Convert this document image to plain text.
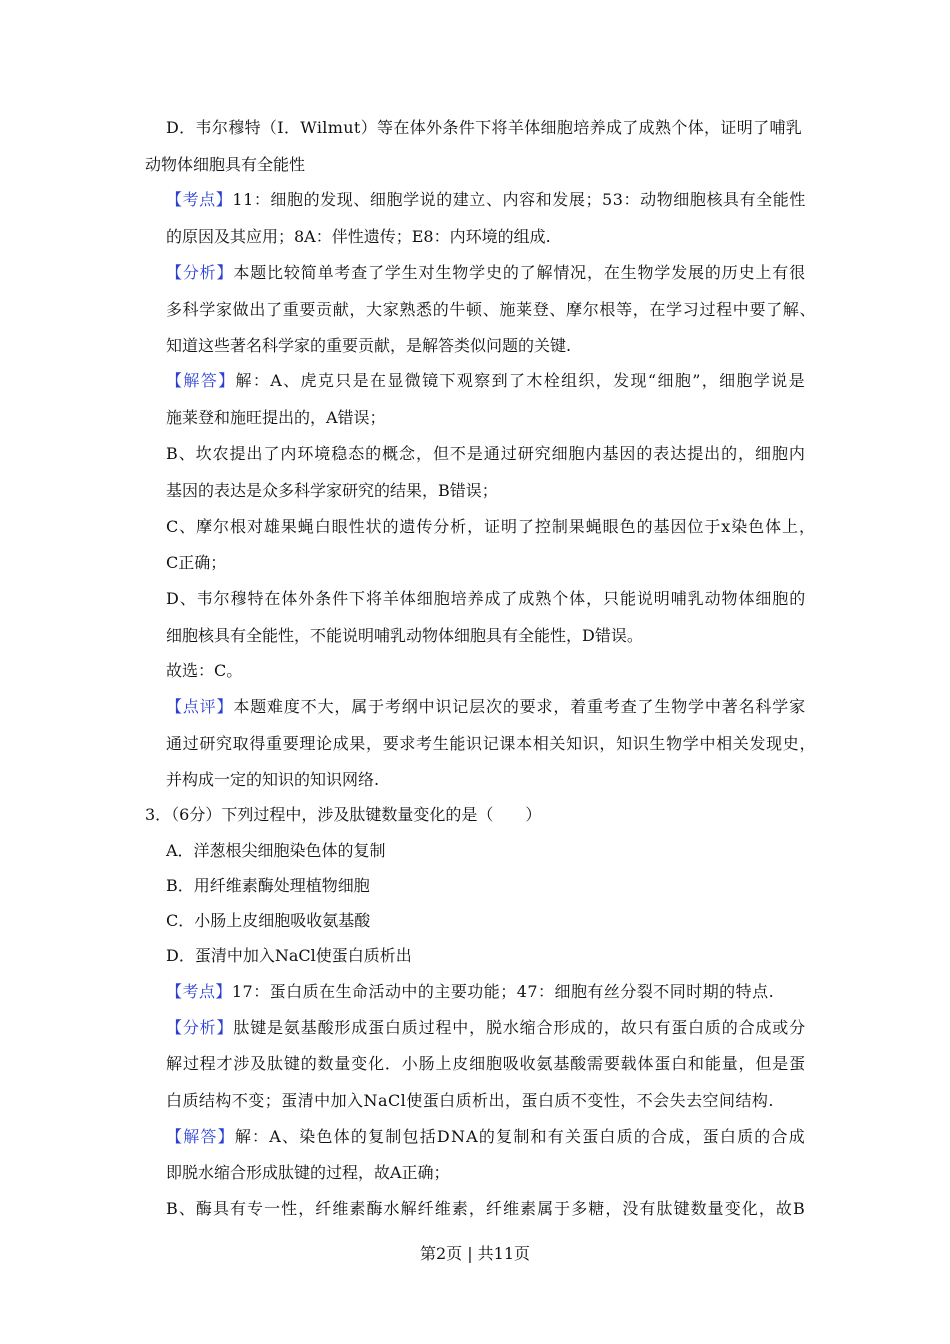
D．韦尔穆特（I．Wilmut）等在体外条件下将羊体细胞培养成了成熟个体，证明了哺乳
动物体细胞具有全能性
【考点】11：细胞的发现、细胞学说的建立、内容和发展；53：动物细胞核具有全能性
的原因及其应用；8A：伴性遗传；E8：内环境的组成.
【分析】本题比较简单考查了学生对生物学史的了解情况，在生物学发展的历史上有很
多科学家做出了重要贡献，大家熟悉的牛顿、施莱登、摩尔根等，在学习过程中要了解、
知道这些著名科学家的重要贡献，是解答类似问题的关键.
【解答】解：A、虎克只是在显微镜下观察到了木栓组织，发现“细胞”，细胞学说是
施莱登和施旺提出的，A错误；
B、坎农提出了内环境稳态的概念，但不是通过研究细胞内基因的表达提出的，细胞内
基因的表达是众多科学家研究的结果，B错误；
C、摩尔根对雄果蝇白眼性状的遗传分析，证明了控制果蝇眼色的基因位于x染色体上，
C正确；
D、韦尔穆特在体外条件下将羊体细胞培养成了成熟个体，只能说明哺乳动物体细胞的
细胞核具有全能性，不能说明哺乳动物体细胞具有全能性，D错误。
故选：C。
【点评】本题难度不大，属于考纲中识记层次的要求，着重考查了生物学中著名科学家
通过研究取得重要理论成果，要求考生能识记课本相关知识，知识生物学中相关发现史，
并构成一定的知识的知识网络.
3．（6分）下列过程中，涉及肽键数量变化的是（　　）
A．洋葱根尖细胞染色体的复制
B．用纤维素酶处理植物细胞
C．小肠上皮细胞吸收氨基酸
D．蛋清中加入NaCl使蛋白质析出
【考点】17：蛋白质在生命活动中的主要功能；47：细胞有丝分裂不同时期的特点.
【分析】肽键是氨基酸形成蛋白质过程中，脱水缩合形成的，故只有蛋白质的合成或分
解过程才涉及肽键的数量变化．小肠上皮细胞吸收氨基酸需要载体蛋白和能量，但是蛋
白质结构不变；蛋清中加入NaCl使蛋白质析出，蛋白质不变性，不会失去空间结构.
【解答】解：A、染色体的复制包括DNA的复制和有关蛋白质的合成，蛋白质的合成
即脱水缩合形成肽键的过程，故A正确；
B、酶具有专一性，纤维素酶水解纤维素，纤维素属于多糖，没有肽键数量变化，故B
第2页 | 共11页
